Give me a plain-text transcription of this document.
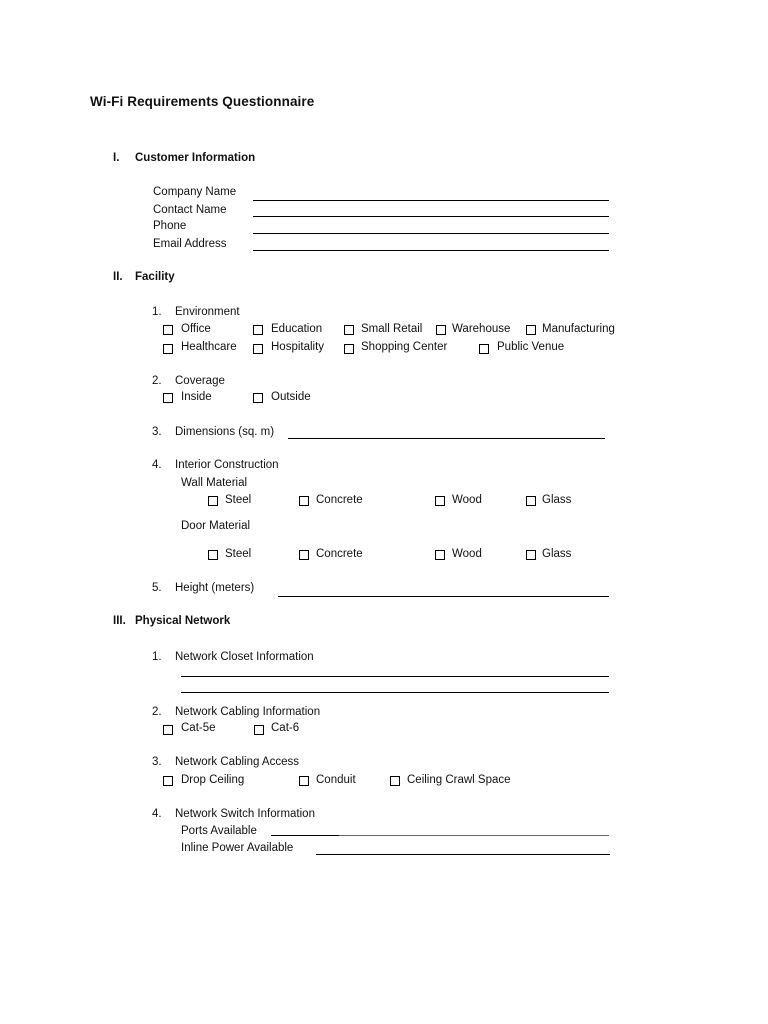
Wi-Fi Requirements Questionnaire
I. Customer Information
Company Name
Contact Name
Phone
Email Address
II. Facility
1. Environment
Office	Education	Small Retail	Warehouse	Manufacturing
Healthcare	Hospitality	Shopping Center	Public Venue
2. Coverage
Inside	Outside
3. Dimensions (sq. m)
4. Interior Construction
Wall Material
Steel	Concrete	Wood	Glass
Door Material
Steel	Concrete	Wood	Glass
5. Height (meters)
III. Physical Network
1. Network Closet Information
2. Network Cabling Information
Cat-5e	Cat-6
3. Network Cabling Access
Drop Ceiling	Conduit	Ceiling Crawl Space
4. Network Switch Information
Ports Available
Inline Power Available
